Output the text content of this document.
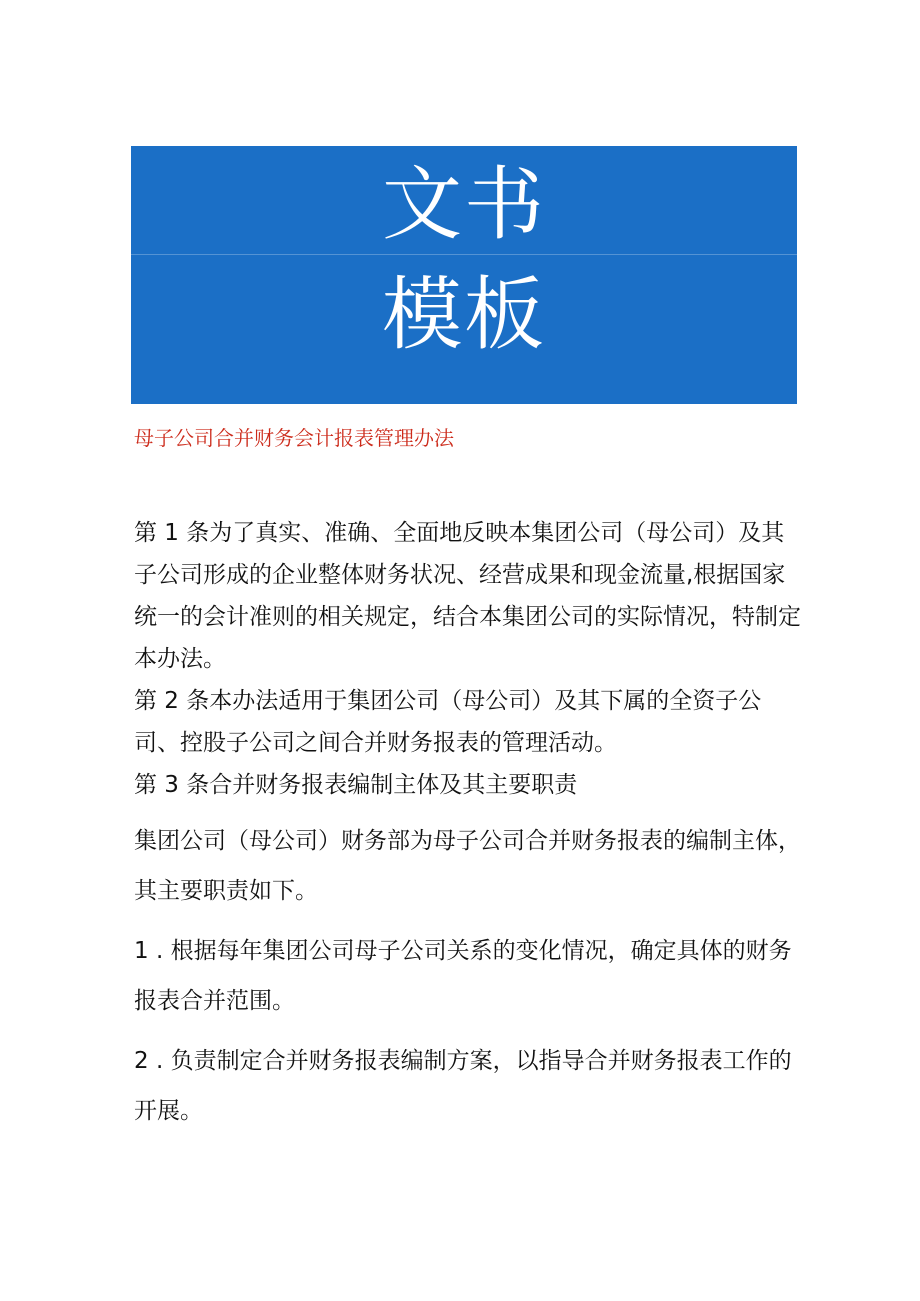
文书
模板
母子公司合并财务会计报表管理办法

第 1 条为了真实、准确、全面地反映本集团公司（母公司）及其子公司形成的企业整体财务状况、经营成果和现金流量,根据国家统一的会计准则的相关规定，结合本集团公司的实际情况，特制定本办法。

第 2 条本办法适用于集团公司（母公司）及其下属的全资子公司、控股子公司之间合并财务报表的管理活动。

第 3 条合并财务报表编制主体及其主要职责

集团公司（母公司）财务部为母子公司合并财务报表的编制主体，其主要职责如下。

1 . 根据每年集团公司母子公司关系的变化情况，确定具体的财务报表合并范围。

2 . 负责制定合并财务报表编制方案，以指导合并财务报表工作的开展。
